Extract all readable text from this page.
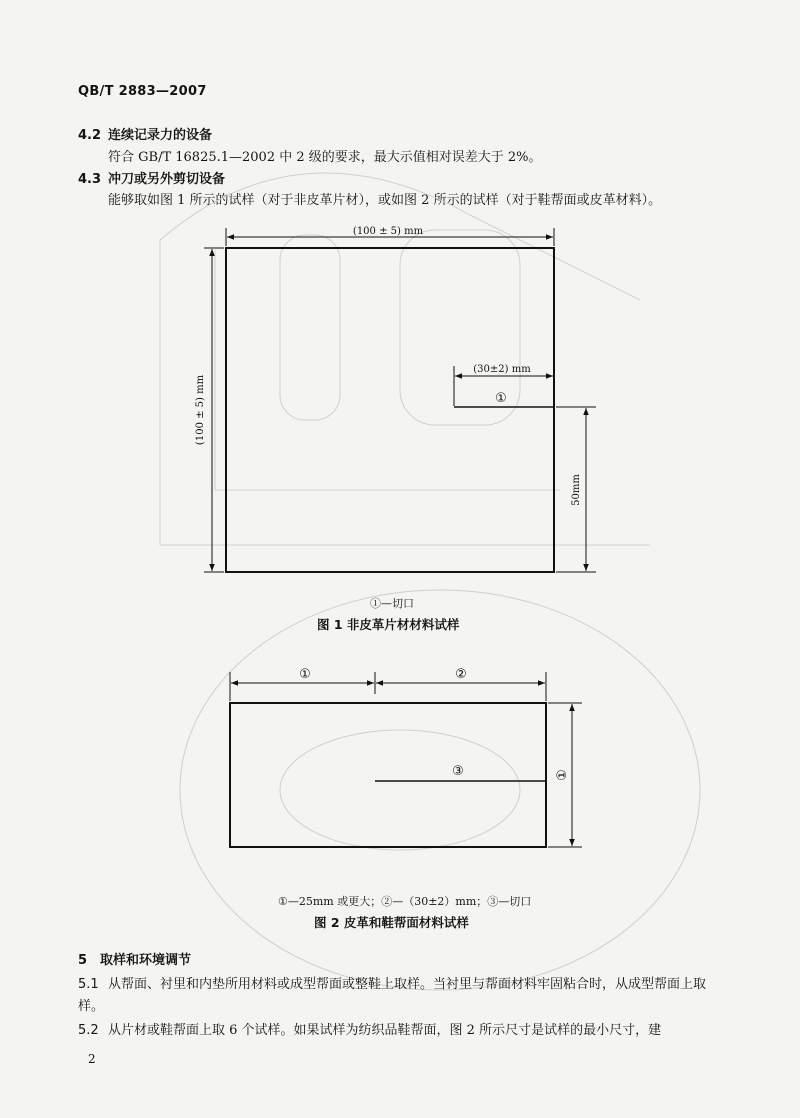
QB/T 2883—2007
4.2 连续记录力的设备
符合 GB/T 16825.1—2002 中 2 级的要求，最大示值相对误差大于 2%。
4.3 冲刀或另外剪切设备
能够取如图 1 所示的试样（对于非皮革片材），或如图 2 所示的试样（对于鞋帮面或皮革材料）。
(100 ± 5) mm
(100 ± 5) mm	①
(30±2) mm
50mm
①	②
③	①
①—切口
图 1 非皮革片材材料试样
①—25mm 或更大；②—（30±2）mm；③—切口
图 2 皮革和鞋帮面材料试样
5 取样和环境调节
5.1 从帮面、衬里和内垫所用材料或成型帮面或整鞋上取样。当衬里与帮面材料牢固粘合时，从成型帮面上取样。
5.2 从片材或鞋帮面上取 6 个试样。如果试样为纺织品鞋帮面，图 2 所示尺寸是试样的最小尺寸，建
2
